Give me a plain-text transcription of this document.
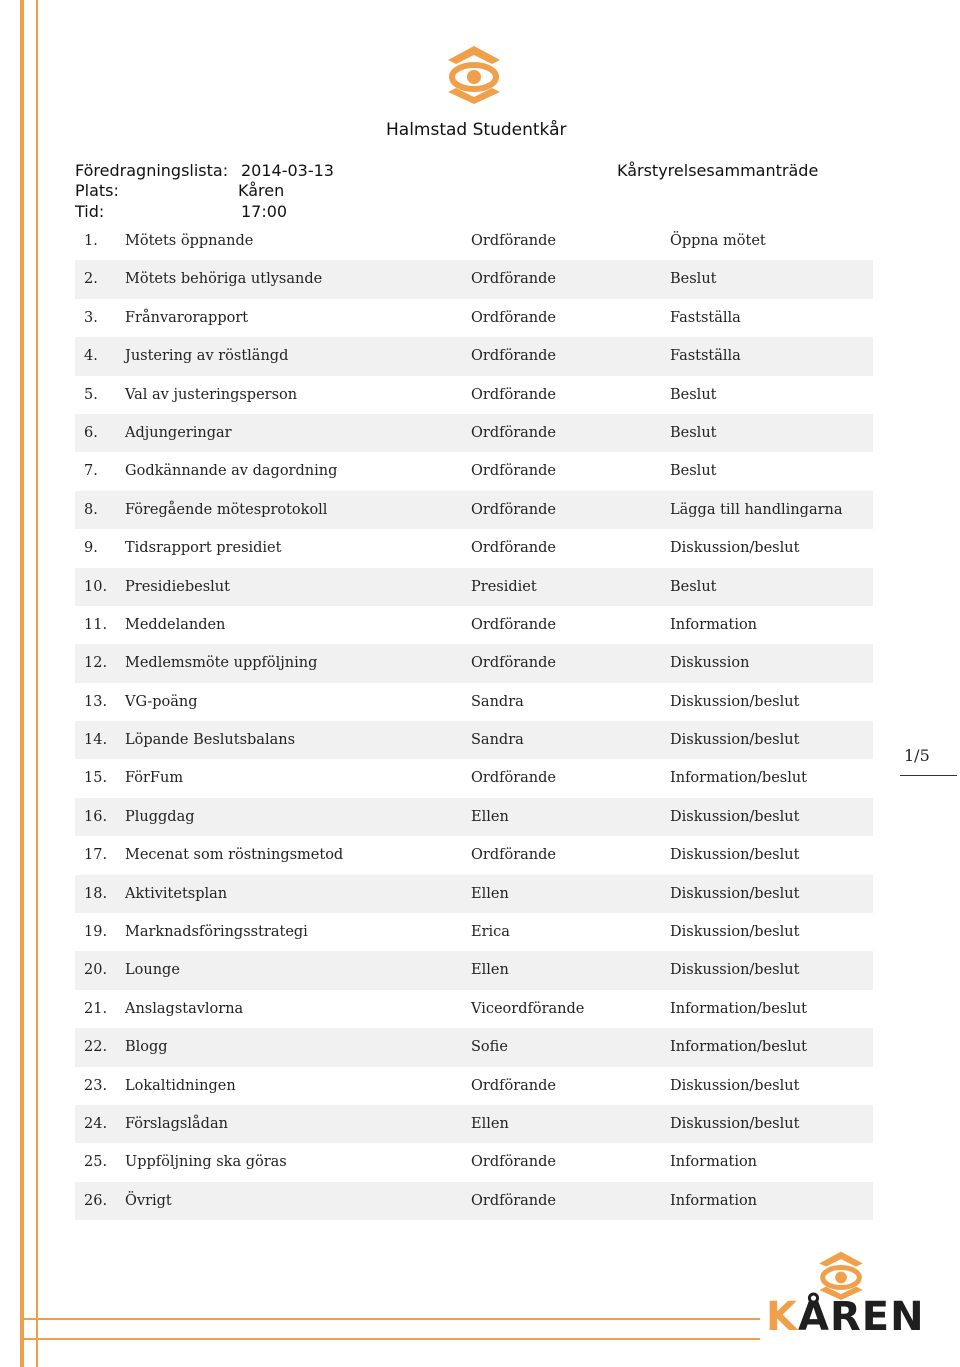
Halmstad Studentkår
Föredragningslista: 2014-03-13	Kårstyrelsesammanträde
Plats:	Kåren
Tid:	17:00
1. Mötets öppnande	Ordförande	Öppna mötet
2. Mötets behöriga utlysande	Ordförande	Beslut
3. Frånvarorapport	Ordförande	Fastställa
4. Justering av röstlängd	Ordförande	Fastställa
5. Val av justeringsperson	Ordförande	Beslut
6. Adjungeringar	Ordförande	Beslut
7. Godkännande av dagordning	Ordförande	Beslut
8. Föregående mötesprotokoll	Ordförande	Lägga till handlingarna
9. Tidsrapport presidiet	Ordförande	Diskussion/beslut
10. Presidiebeslut	Presidiet	Beslut
11. Meddelanden	Ordförande	Information
12. Medlemsmöte uppföljning	Ordförande	Diskussion
13. VG-poäng	Sandra	Diskussion/beslut
14. Löpande Beslutsbalans	Sandra	Diskussion/beslut
15. FörFum	Ordförande	Information/beslut
16. Pluggdag	Ellen	Diskussion/beslut
17. Mecenat som röstningsmetod	Ordförande	Diskussion/beslut
18. Aktivitetsplan	Ellen	Diskussion/beslut
19. Marknadsföringsstrategi	Erica	Diskussion/beslut
20. Lounge	Ellen	Diskussion/beslut
21. Anslagstavlorna	Viceordförande	Information/beslut
22. Blogg	Sofie	Information/beslut
23. Lokaltidningen	Ordförande	Diskussion/beslut
24. Förslagslådan	Ellen	Diskussion/beslut
25. Uppföljning ska göras	Ordförande	Information
26. Övrigt	Ordförande	Information
1/5
KÅREN
